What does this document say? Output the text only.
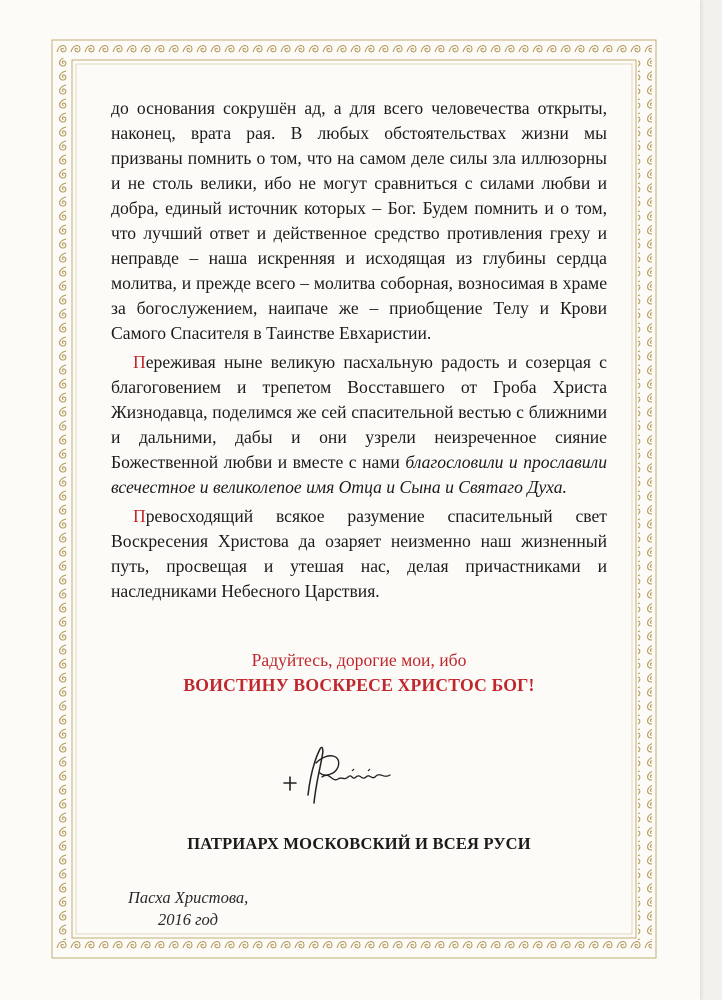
до основания сокрушён ад, а для всего человечества открыты, наконец, врата рая. В любых обстоятельствах жизни мы призваны помнить о том, что на самом деле силы зла иллюзорны и не столь велики, ибо не могут сравниться с силами любви и добра, единый источник которых – Бог. Будем помнить и о том, что лучший ответ и действенное средство противления греху и неправде – наша искренняя и исходящая из глубины сердца молитва, и прежде всего – молитва соборная, возносимая в храме за богослужением, наипаче же – приобщение Телу и Крови Самого Спасителя в Таинстве Евхаристии.

Переживая ныне великую пасхальную радость и созерцая с благоговением и трепетом Восставшего от Гроба Христа Жизнодавца, поделимся же сей спасительной вестью с ближними и дальними, дабы и они узрели неизреченное сияние Божественной любви и вместе с нами благословили и прославили всечестное и великолепое имя Отца и Сына и Святаго Духа.

Превосходящий всякое разумение спасительный свет Воскресения Христова да озаряет неизменно наш жизненный путь, просвещая и утешая нас, делая причастниками и наследниками Небесного Царствия.

Радуйтесь, дорогие мои, ибо
ВОИСТИНУ ВОСКРЕСЕ ХРИСТОС БОГ!
ПАТРИАРХ МОСКОВСКИЙ И ВСЕЯ РУСИ
Пасха Христова,
2016 год
